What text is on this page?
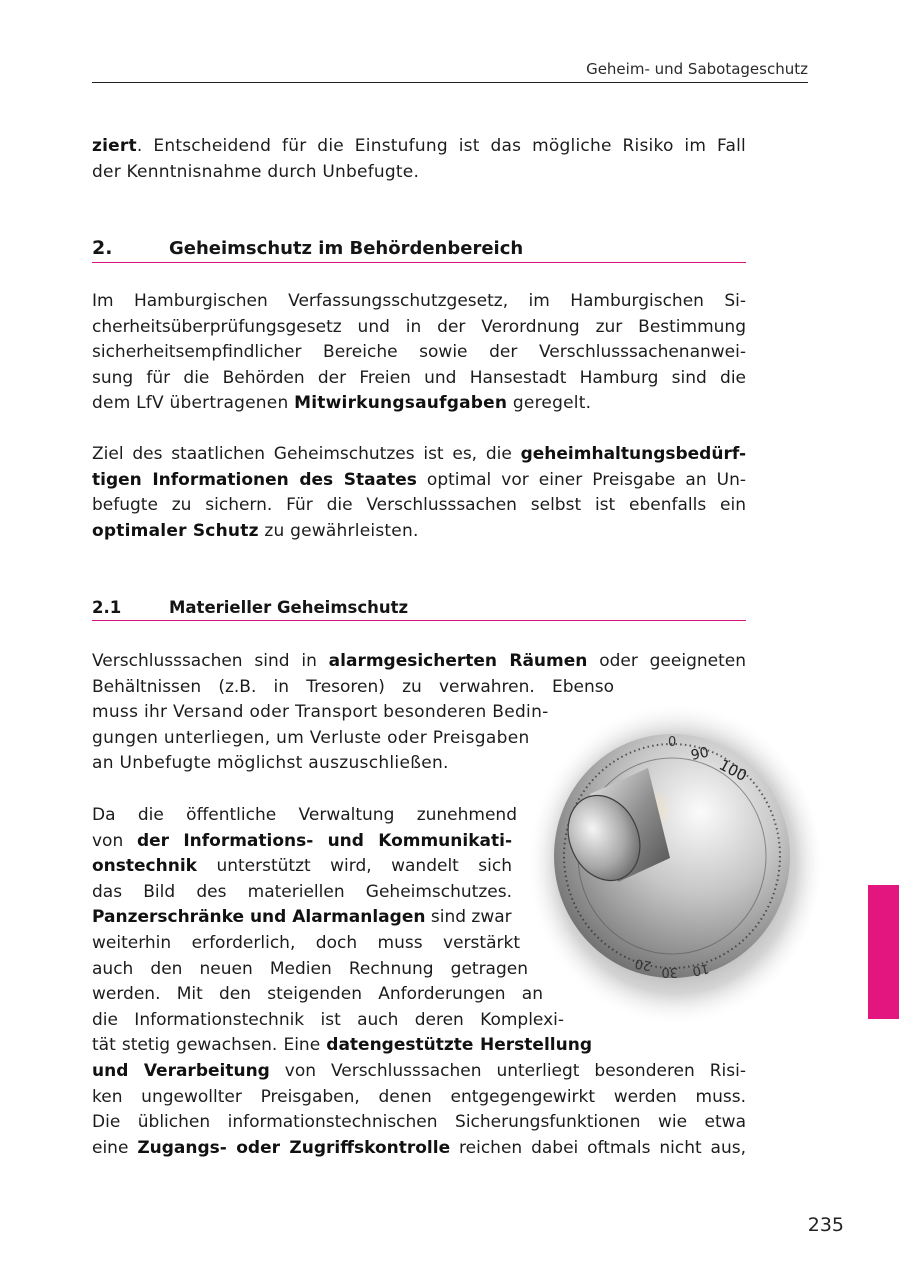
Geheim- und Sabotageschutz
ziert. Entscheidend für die Einstufung ist das mögliche Risiko im Fall
der Kenntnisnahme durch Unbefugte.
2.	Geheimschutz im Behördenbereich
Im Hamburgischen Verfassungsschutzgesetz, im Hamburgischen Si-
cherheitsüberprüfungsgesetz und in der Verordnung zur Bestimmung
sicherheitsempfindlicher Bereiche sowie der Verschlusssachenanwei-
sung für die Behörden der Freien und Hansestadt Hamburg sind die
dem LfV übertragenen Mitwirkungsaufgaben geregelt.
Ziel des staatlichen Geheimschutzes ist es, die geheimhaltungsbedürf-
tigen Informationen des Staates optimal vor einer Preisgabe an Un-
befugte zu sichern. Für die Verschlusssachen selbst ist ebenfalls ein
optimaler Schutz zu gewährleisten.
2.1	Materieller Geheimschutz
Verschlusssachen sind in alarmgesicherten Räumen oder geeigneten
Behältnissen (z.B. in Tresoren) zu verwahren. Ebenso
muss ihr Versand oder Transport besonderen Bedin-
gungen unterliegen, um Verluste oder Preisgaben
an Unbefugte möglichst auszuschließen.	90
100
0
20 30 10
Da die öffentliche Verwaltung zunehmend
von der Informations- und Kommunikati-
onstechnik unterstützt wird, wandelt sich
das Bild des materiellen Geheimschutzes.
Panzerschränke und Alarmanlagen sind zwar
weiterhin erforderlich, doch muss verstärkt
auch den neuen Medien Rechnung getragen
werden. Mit den steigenden Anforderungen an
die Informationstechnik ist auch deren Komplexi-
tät stetig gewachsen. Eine datengestützte Herstellung
und Verarbeitung von Verschlusssachen unterliegt besonderen Risi-
ken ungewollter Preisgaben, denen entgegengewirkt werden muss.
Die üblichen informationstechnischen Sicherungsfunktionen wie etwa
eine Zugangs- oder Zugriffskontrolle reichen dabei oftmals nicht aus,
235
